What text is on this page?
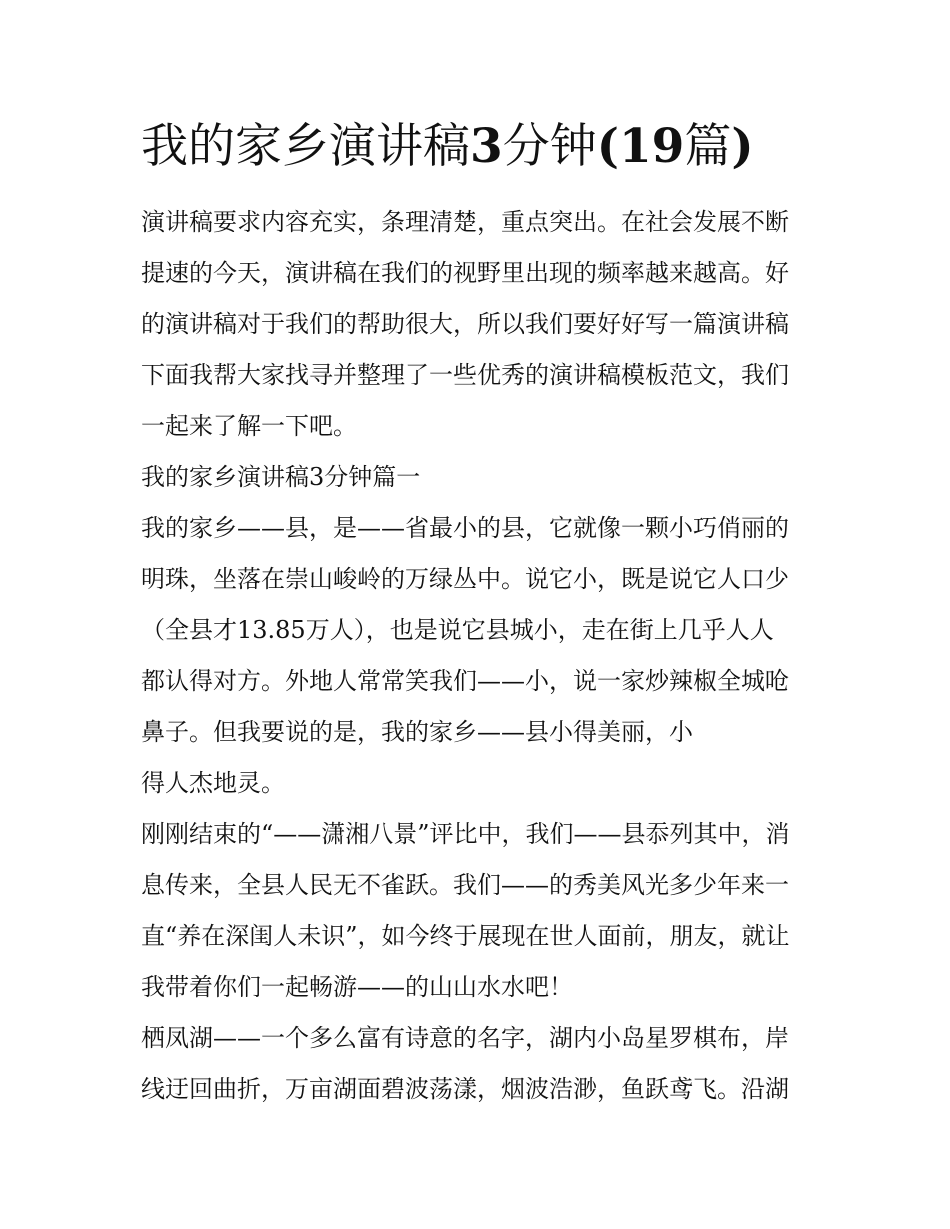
我的家乡演讲稿3分钟(19篇)
演讲稿要求内容充实，条理清楚，重点突出。在社会发展不断
提速的今天，演讲稿在我们的视野里出现的频率越来越高。好
的演讲稿对于我们的帮助很大，所以我们要好好写一篇演讲稿
下面我帮大家找寻并整理了一些优秀的演讲稿模板范文，我们
一起来了解一下吧。
我的家乡演讲稿3分钟篇一
我的家乡——县，是——省最小的县，它就像一颗小巧俏丽的
明珠，坐落在崇山峻岭的万绿丛中。说它小，既是说它人口少
（全县才13.85万人），也是说它县城小，走在街上几乎人人
都认得对方。外地人常常笑我们——小，说一家炒辣椒全城呛
鼻子。但我要说的是，我的家乡——县小得美丽，小
得人杰地灵。
刚刚结束的“——潇湘八景”评比中，我们——县忝列其中，消
息传来，全县人民无不雀跃。我们——的秀美风光多少年来一
直“养在深闺人未识”，如今终于展现在世人面前，朋友，就让
我带着你们一起畅游——的山山水水吧！
栖凤湖——一个多么富有诗意的名字，湖内小岛星罗棋布，岸
线迂回曲折，万亩湖面碧波荡漾，烟波浩渺，鱼跃鸢飞。沿湖
